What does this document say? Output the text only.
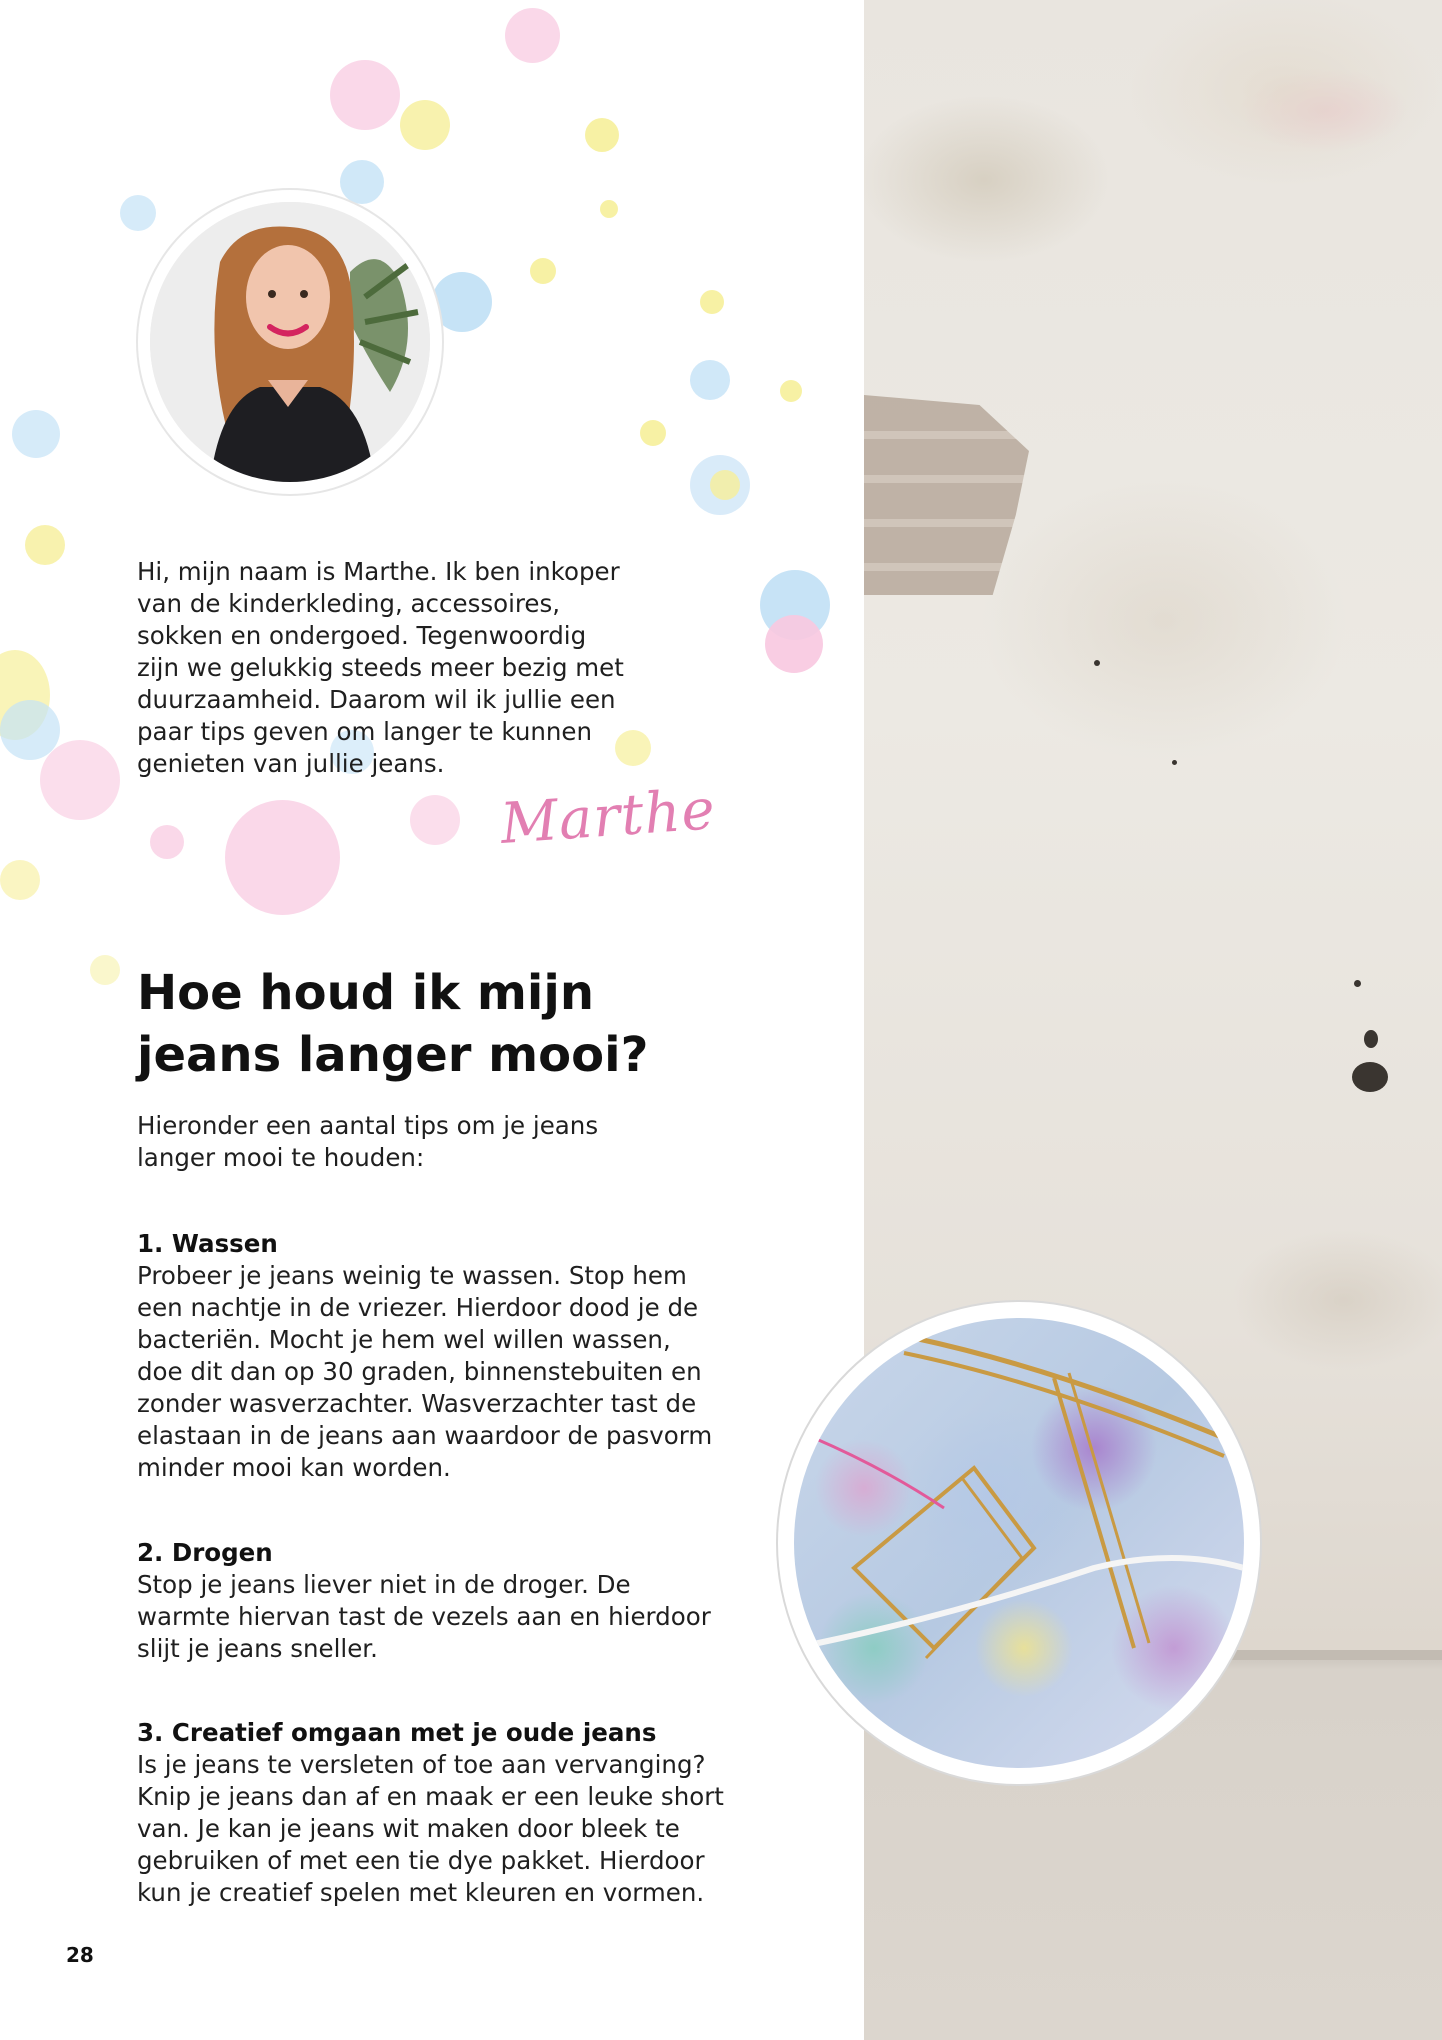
Hi, mijn naam is Marthe. Ik ben inkoper
van de kinderkleding, accessoires,
sokken en ondergoed. Tegenwoordig
zijn we gelukkig steeds meer bezig met
duurzaamheid. Daarom wil ik jullie een
paar tips geven om langer te kunnen
genieten van jullie jeans.

Marthe

Hoe houd ik mijn
jeans langer mooi?

Hieronder een aantal tips om je jeans
langer mooi te houden:

1. Wassen

Probeer je jeans weinig te wassen. Stop hem
een nachtje in de vriezer. Hierdoor dood je de
bacteriën. Mocht je hem wel willen wassen,
doe dit dan op 30 graden, binnenstebuiten en
zonder wasverzachter. Wasverzachter tast de
elastaan in de jeans aan waardoor de pasvorm
minder mooi kan worden.

2. Drogen

Stop je jeans liever niet in de droger. De
warmte hiervan tast de vezels aan en hierdoor
slijt je jeans sneller.

3. Creatief omgaan met je oude jeans

Is je jeans te versleten of toe aan vervanging?
Knip je jeans dan af en maak er een leuke short
van. Je kan je jeans wit maken door bleek te
gebruiken of met een tie dye pakket. Hierdoor
kun je creatief spelen met kleuren en vormen.

28
